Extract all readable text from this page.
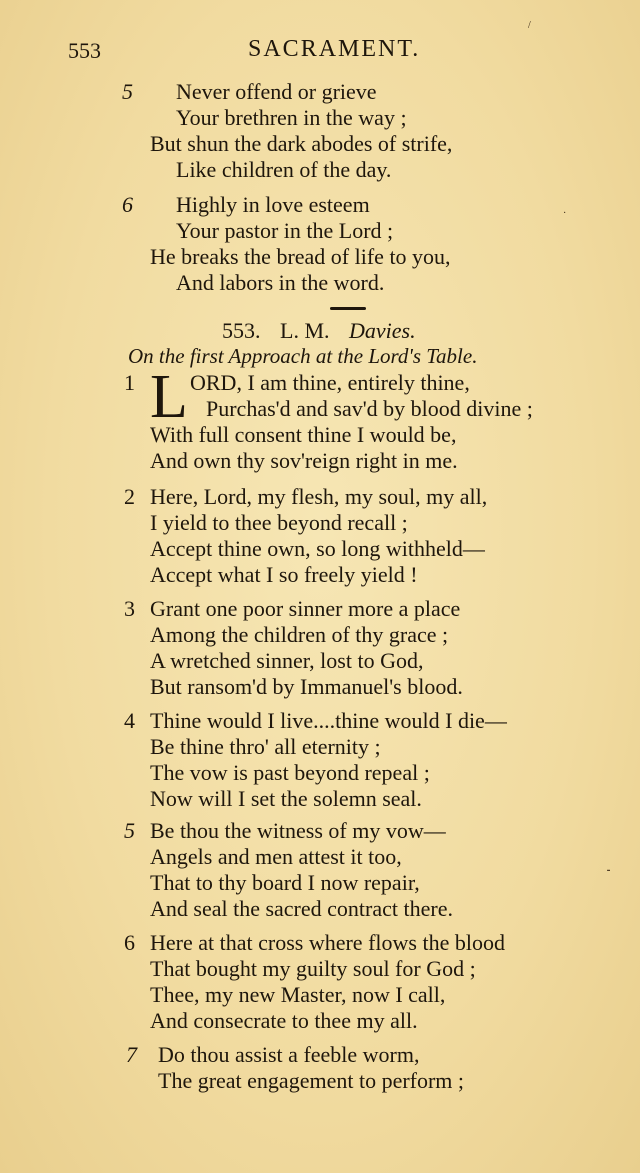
553	SACRAMENT.
5 Never offend or grieve
Your brethren in the way ;
But shun the dark abodes of strife,
Like children of the day.
6 Highly in love esteem
Your pastor in the Lord ;
He breaks the bread of life to you,
And labors in the word.
553. L. M. Davies.
On the first Approach at the Lord's Table.
1 L ORD, I am thine, entirely thine,
Purchas'd and sav'd by blood divine ;
With full consent thine I would be,
And own thy sov'reign right in me.
2 Here, Lord, my flesh, my soul, my all,
I yield to thee beyond recall ;
Accept thine own, so long withheld—
Accept what I so freely yield !
3 Grant one poor sinner more a place
Among the children of thy grace ;
A wretched sinner, lost to God,
But ransom'd by Immanuel's blood.
4 Thine would I live....thine would I die—
Be thine thro' all eternity ;
The vow is past beyond repeal ;
Now will I set the solemn seal.
5 Be thou the witness of my vow—
Angels and men attest it too,
That to thy board I now repair,
And seal the sacred contract there.
6 Here at that cross where flows the blood
That bought my guilty soul for God ;
Thee, my new Master, now I call,
And consecrate to thee my all.
7 Do thou assist a feeble worm,
The great engagement to perform ;
/
·
⁃
